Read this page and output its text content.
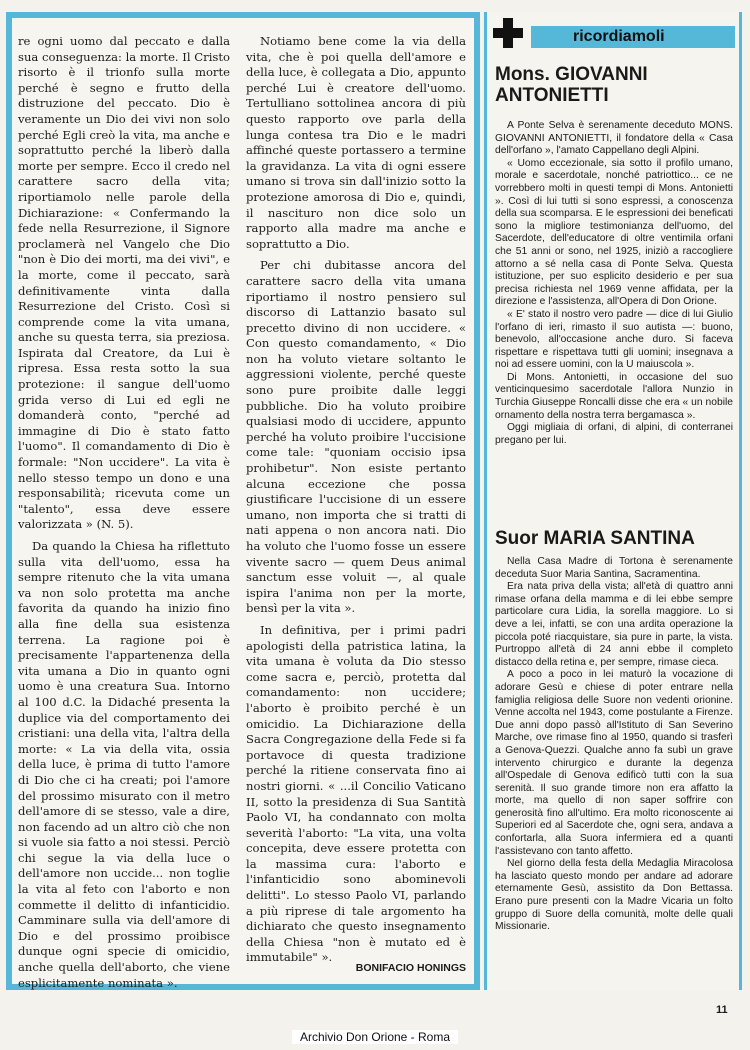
re ogni uomo dal peccato e dalla sua conseguenza: la morte. Il Cristo risorto è il trionfo sulla morte perché è segno e frutto della distruzione del peccato. Dio è veramente un Dio dei vivi non solo perché Egli creò la vita, ma anche e soprattutto perché la liberò dalla morte per sempre. Ecco il credo nel carattere sacro della vita; riportiamolo nelle parole della Dichiarazione: « Confermando la fede nella Resurrezione, il Signore proclamerà nel Vangelo che Dio "non è Dio dei morti, ma dei vivi", e la morte, come il peccato, sarà definitivamente vinta dalla Resurrezione del Cristo. Così si comprende come la vita umana, anche su questa terra, sia preziosa. Ispirata dal Creatore, da Lui è ripresa. Essa resta sotto la sua protezione: il sangue dell'uomo grida verso di Lui ed egli ne domanderà conto, "perché ad immagine di Dio è stato fatto l'uomo". Il comandamento di Dio è formale: "Non uccidere". La vita è nello stesso tempo un dono e una responsabilità; ricevuta come un "talento", essa deve essere valorizzata » (N. 5).

Da quando la Chiesa ha riflettuto sulla vita dell'uomo, essa ha sempre ritenuto che la vita umana va non solo protetta ma anche favorita da quando ha inizio fino alla fine della sua esistenza terrena. La ragione poi è precisamente l'appartenenza della vita umana a Dio in quanto ogni uomo è una creatura Sua. Intorno al 100 d.C. la Didaché presenta la duplice via del comportamento dei cristiani: una della vita, l'altra della morte: « La via della vita, ossia della luce, è prima di tutto l'amore di Dio che ci ha creati; poi l'amore del prossimo misurato con il metro dell'amore di se stesso, vale a dire, non facendo ad un altro ciò che non si vuole sia fatto a noi stessi. Perciò chi segue la via della luce o dell'amore non uccide... non toglie la vita al feto con l'aborto e non commette il delitto di infanticidio. Camminare sulla via dell'amore di Dio e del prossimo proibisce dunque ogni specie di omicidio, anche quella dell'aborto, che viene esplicitamente nominata ».

Notiamo bene come la via della vita, che è poi quella dell'amore e della luce, è collegata a Dio, appunto perché Lui è creatore dell'uomo. Tertulliano sottolinea ancora di più questo rapporto ove parla della lunga contesa tra Dio e le madri affinché queste portassero a termine la gravidanza. La vita di ogni essere umano si trova sin dall'inizio sotto la protezione amorosa di Dio e, quindi, il nascituro non dice solo un rapporto alla madre ma anche e soprattutto a Dio.

Per chi dubitasse ancora del carattere sacro della vita umana riportiamo il nostro pensiero sul discorso di Lattanzio basato sul precetto divino di non uccidere. « Con questo comandamento, « Dio non ha voluto vietare soltanto le aggressioni violente, perché queste sono pure proibite dalle leggi pubbliche. Dio ha voluto proibire qualsiasi modo di uccidere, appunto perché ha voluto proibire l'uccisione come tale: "quoniam occisio ipsa prohibetur". Non esiste pertanto alcuna eccezione che possa giustificare l'uccisione di un essere umano, non importa che si tratti di nati appena o non ancora nati. Dio ha voluto che l'uomo fosse un essere vivente sacro — quem Deus animal sanctum esse voluit —, al quale ispira l'anima non per la morte, bensì per la vita ».

In definitiva, per i primi padri apologisti della patristica latina, la vita umana è voluta da Dio stesso come sacra e, perciò, protetta dal comandamento: non uccidere; l'aborto è proibito perché è un omicidio. La Dichiarazione della Sacra Congregazione della Fede si fa portavoce di questa tradizione perché la ritiene conservata fino ai nostri giorni. « ...il Concilio Vaticano II, sotto la presidenza di Sua Santità Paolo VI, ha condannato con molta severità l'aborto: "La vita, una volta concepita, deve essere protetta con la massima cura: l'aborto e l'infanticidio sono abominevoli delitti". Lo stesso Paolo VI, parlando a più riprese di tale argomento ha dichiarato che questo insegnamento della Chiesa "non è mutato ed è immutabile" ».

BONIFACIO HONINGS
ricordiamoli
Mons. GIOVANNI ANTONIETTI

A Ponte Selva è serenamente deceduto MONS. GIOVANNI ANTONIETTI, il fondatore della « Casa dell'orfano », l'amato Cappellano degli Alpini.

« Uomo eccezionale, sia sotto il profilo umano, morale e sacerdotale, nonché patriottico... ce ne vorrebbero molti in questi tempi di Mons. Antonietti ». Così di lui tutti si sono espressi, a conoscenza della sua scomparsa. E le espressioni dei beneficati sono la migliore testimonianza dell'uomo, del Sacerdote, dell'educatore di oltre ventimila orfani che 51 anni or sono, nel 1925, iniziò a raccogliere attorno a sé nella casa di Ponte Selva. Questa istituzione, per suo esplicito desiderio e per sua precisa richiesta nel 1969 venne affidata, per la direzione e l'assistenza, all'Opera di Don Orione.

« E' stato il nostro vero padre — dice di lui Giulio l'orfano di ieri, rimasto il suo autista —: buono, benevolo, all'occasione anche duro. Si faceva rispettare e rispettava tutti gli uomini; insegnava a noi ad essere uomini, con la U maiuscola ».

Di Mons. Antonietti, in occasione del suo venticinquesimo sacerdotale l'allora Nunzio in Turchia Giuseppe Roncalli disse che era « un nobile ornamento della nostra terra bergamasca ».

Oggi migliaia di orfani, di alpini, di conterranei pregano per lui.

Suor MARIA SANTINA

Nella Casa Madre di Tortona è serenamente deceduta Suor Maria Santina, Sacramentina.

Era nata priva della vista; all'età di quattro anni rimase orfana della mamma e di lei ebbe sempre particolare cura Lidia, la sorella maggiore. Lo si deve a lei, infatti, se con una ardita operazione la piccola poté riacquistare, sia pure in parte, la vista. Purtroppo all'età di 24 anni ebbe il completo distacco della retina e, per sempre, rimase cieca.

A poco a poco in lei maturò la vocazione di adorare Gesù e chiese di poter entrare nella famiglia religiosa delle Suore non vedenti orionine. Venne accolta nel 1943, come postulante a Firenze. Due anni dopo passò all'Istituto di San Severino Marche, ove rimase fino al 1950, quando si trasferì a Genova-Quezzi. Qualche anno fa subì un grave intervento chirurgico e durante la degenza all'Ospedale di Genova edificò tutti con la sua serenità. Il suo grande timore non era affatto la morte, ma quello di non saper soffrire con generosità fino all'ultimo. Era molto riconoscente ai Superiori ed al Sacerdote che, ogni sera, andava a confortarla, alla Suora infermiera ed a quanti l'assistevano con tanto affetto.

Nel giorno della festa della Medaglia Miracolosa ha lasciato questo mondo per andare ad adorare eternamente Gesù, assistito da Don Bettassa. Erano pure presenti con la Madre Vicaria un folto gruppo di Suore della comunità, molte delle quali Missionarie.

11
Archivio Don Orione - Roma
